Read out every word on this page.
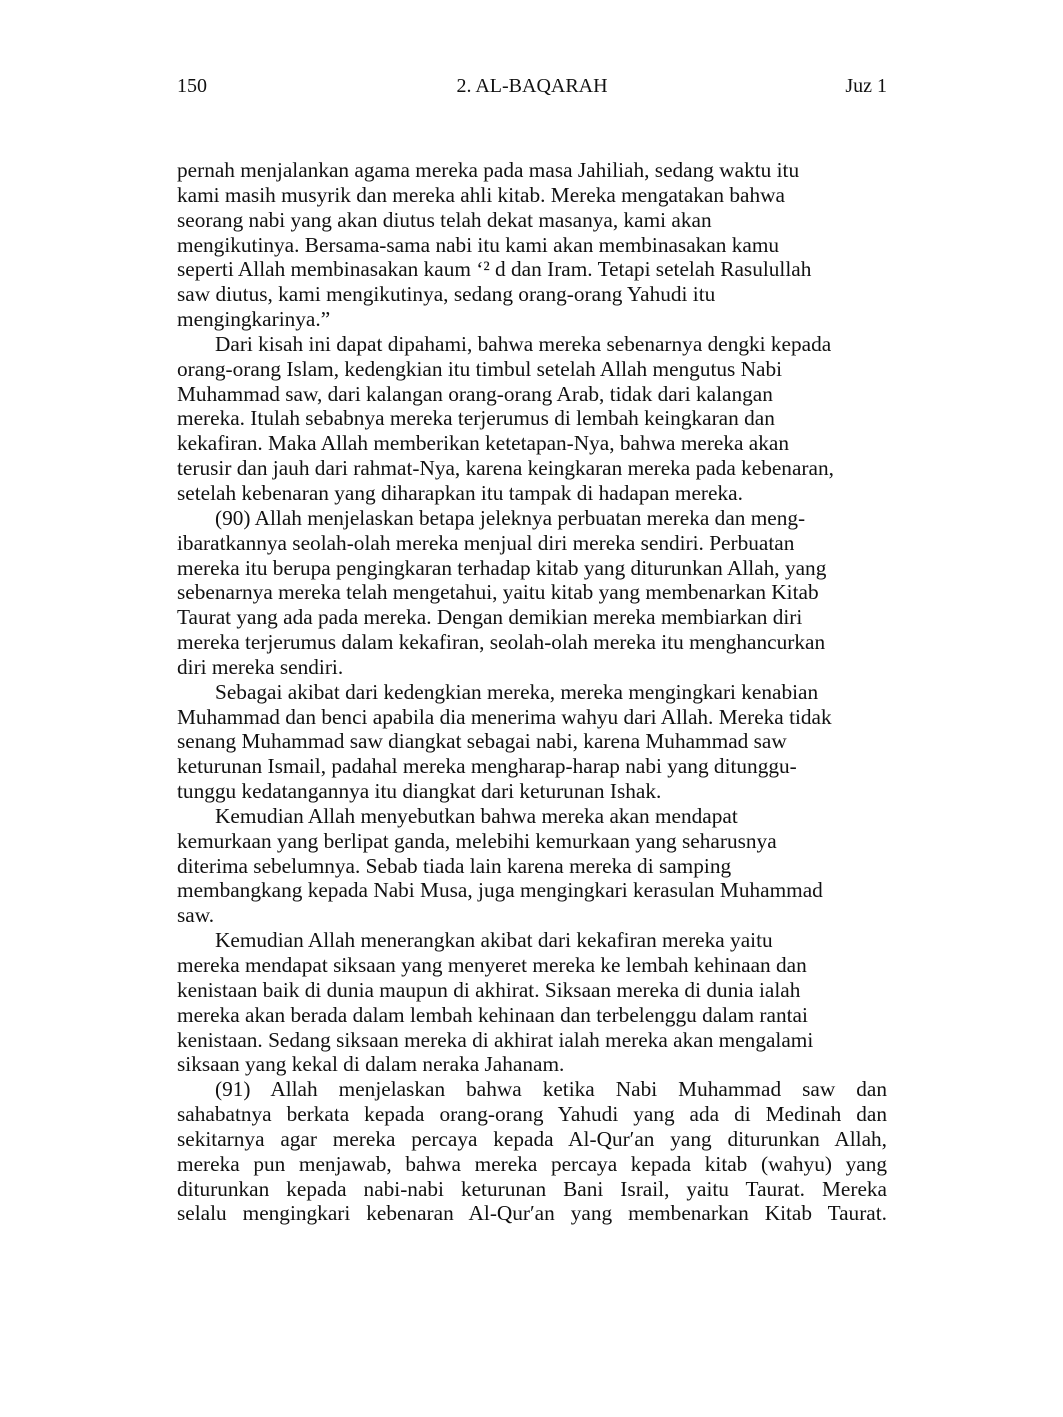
150	2. AL-BAQARAH	Juz 1

pernah menjalankan agama mereka pada masa Jahiliah, sedang waktu itu
kami masih musyrik dan mereka ahli kitab. Mereka mengatakan bahwa
seorang nabi yang akan diutus telah dekat masanya, kami akan
mengikutinya. Bersama-sama nabi itu kami akan membinasakan kamu
seperti Allah membinasakan kaum ‘² d dan Iram. Tetapi setelah Rasulullah
saw diutus, kami mengikutinya, sedang orang-orang Yahudi itu
mengingkarinya.”

Dari kisah ini dapat dipahami, bahwa mereka sebenarnya dengki kepada
orang-orang Islam, kedengkian itu timbul setelah Allah mengutus Nabi
Muhammad saw, dari kalangan orang-orang Arab, tidak dari kalangan
mereka. Itulah sebabnya mereka terjerumus di lembah keingkaran dan
kekafiran. Maka Allah memberikan ketetapan-Nya, bahwa mereka akan
terusir dan jauh dari rahmat-Nya, karena keingkaran mereka pada kebenaran,
setelah kebenaran yang diharapkan itu tampak di hadapan mereka.

(90) Allah menjelaskan betapa jeleknya perbuatan mereka dan meng-
ibaratkannya seolah-olah mereka menjual diri mereka sendiri. Perbuatan
mereka itu berupa pengingkaran terhadap kitab yang diturunkan Allah, yang
sebenarnya mereka telah mengetahui, yaitu kitab yang membenarkan Kitab
Taurat yang ada pada mereka. Dengan demikian mereka membiarkan diri
mereka terjerumus dalam kekafiran, seolah-olah mereka itu menghancurkan
diri mereka sendiri.

Sebagai akibat dari kedengkian mereka, mereka mengingkari kenabian
Muhammad dan benci apabila dia menerima wahyu dari Allah. Mereka tidak
senang Muhammad saw diangkat sebagai nabi, karena Muhammad saw
keturunan Ismail, padahal mereka mengharap-harap nabi yang ditunggu-
tunggu kedatangannya itu diangkat dari keturunan Ishak.

Kemudian Allah menyebutkan bahwa mereka akan mendapat
kemurkaan yang berlipat ganda, melebihi kemurkaan yang seharusnya
diterima sebelumnya. Sebab tiada lain karena mereka di samping
membangkang kepada Nabi Musa, juga mengingkari kerasulan Muhammad
saw.

Kemudian Allah menerangkan akibat dari kekafiran mereka yaitu
mereka mendapat siksaan yang menyeret mereka ke lembah kehinaan dan
kenistaan baik di dunia maupun di akhirat. Siksaan mereka di dunia ialah
mereka akan berada dalam lembah kehinaan dan terbelenggu dalam rantai
kenistaan. Sedang siksaan mereka di akhirat ialah mereka akan mengalami
siksaan yang kekal di dalam neraka Jahanam.

(91) Allah menjelaskan bahwa ketika Nabi Muhammad saw dan
sahabatnya berkata kepada orang-orang Yahudi yang ada di Medinah dan
sekitarnya agar mereka percaya kepada Al-Qur′an yang diturunkan Allah,
mereka pun menjawab, bahwa mereka percaya kepada kitab (wahyu) yang
diturunkan kepada nabi-nabi keturunan Bani Israil, yaitu Taurat. Mereka
selalu mengingkari kebenaran Al-Qur′an yang membenarkan Kitab Taurat.
